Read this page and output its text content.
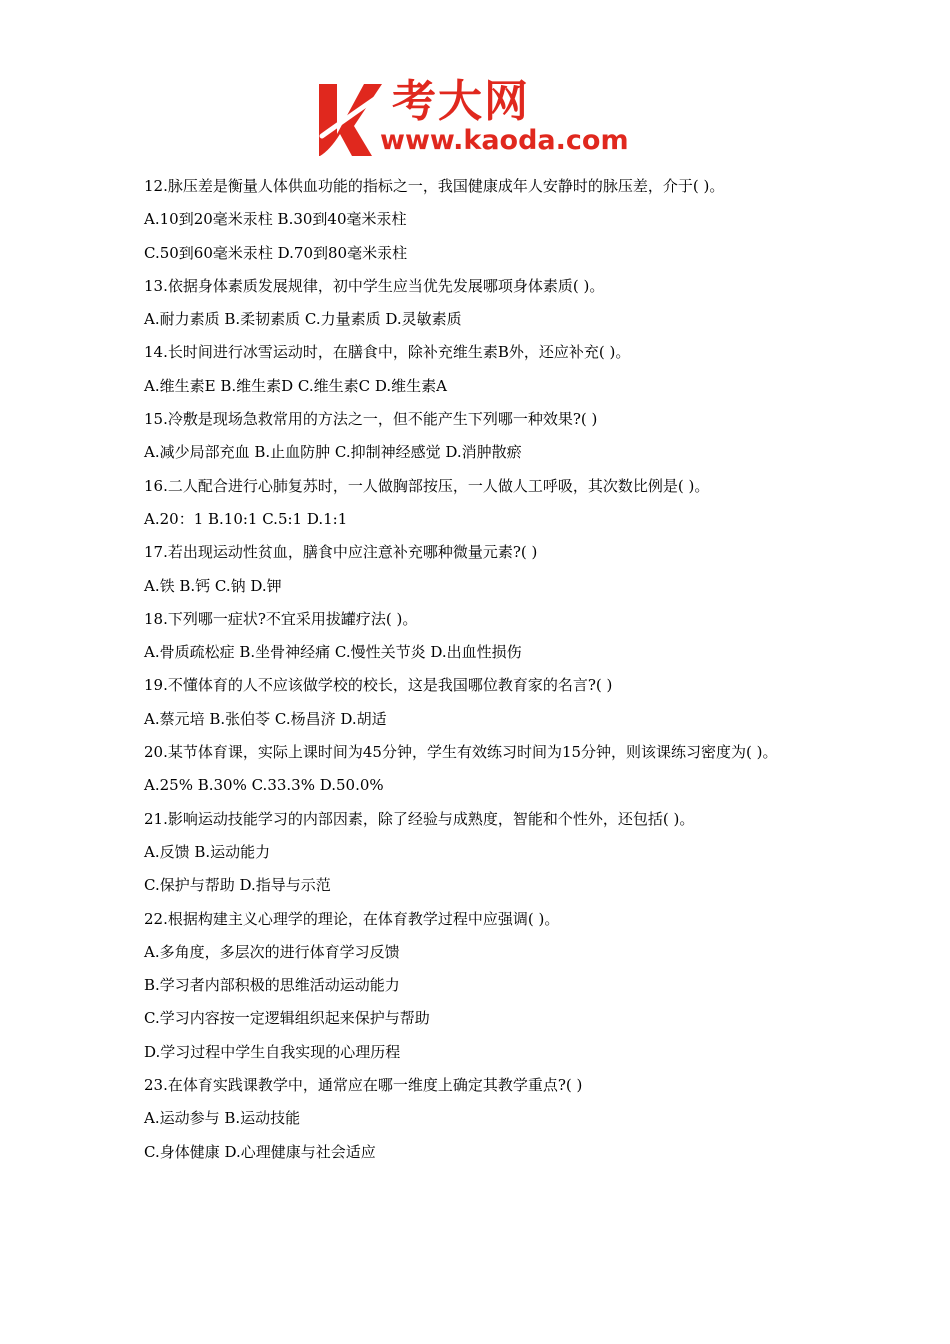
考大网
www.kaoda.com
12.脉压差是衡量人体供血功能的指标之一，我国健康成年人安静时的脉压差，介于( )。
A.10到20毫米汞柱 B.30到40毫米汞柱
C.50到60毫米汞柱 D.70到80毫米汞柱
13.依据身体素质发展规律，初中学生应当优先发展哪项身体素质( )。
A.耐力素质 B.柔韧素质 C.力量素质 D.灵敏素质
14.长时间进行冰雪运动时，在膳食中，除补充维生素B外，还应补充( )。
A.维生素E B.维生素D C.维生素C D.维生素A
15.冷敷是现场急救常用的方法之一，但不能产生下列哪一种效果?( )
A.减少局部充血 B.止血防肿 C.抑制神经感觉 D.消肿散瘀
16.二人配合进行心肺复苏时，一人做胸部按压，一人做人工呼吸，其次数比例是( )。
A.20：1 B.10:1 C.5:1 D.1:1
17.若出现运动性贫血，膳食中应注意补充哪种微量元素?( )
A.铁 B.钙 C.钠 D.钾
18.下列哪一症状?不宜采用拔罐疗法( )。
A.骨质疏松症 B.坐骨神经痛 C.慢性关节炎 D.出血性损伤
19.不懂体育的人不应该做学校的校长，这是我国哪位教育家的名言?( )
A.蔡元培 B.张伯苓 C.杨昌济 D.胡适
20.某节体育课，实际上课时间为45分钟，学生有效练习时间为15分钟，则该课练习密度为( )。
A.25% B.30% C.33.3% D.50.0%
21.影响运动技能学习的内部因素，除了经验与成熟度，智能和个性外，还包括( )。
A.反馈 B.运动能力
C.保护与帮助 D.指导与示范
22.根据构建主义心理学的理论，在体育教学过程中应强调( )。
A.多角度，多层次的进行体育学习反馈
B.学习者内部积极的思维活动运动能力
C.学习内容按一定逻辑组织起来保护与帮助
D.学习过程中学生自我实现的心理历程
23.在体育实践课教学中，通常应在哪一维度上确定其教学重点?( )
A.运动参与 B.运动技能
C.身体健康 D.心理健康与社会适应
